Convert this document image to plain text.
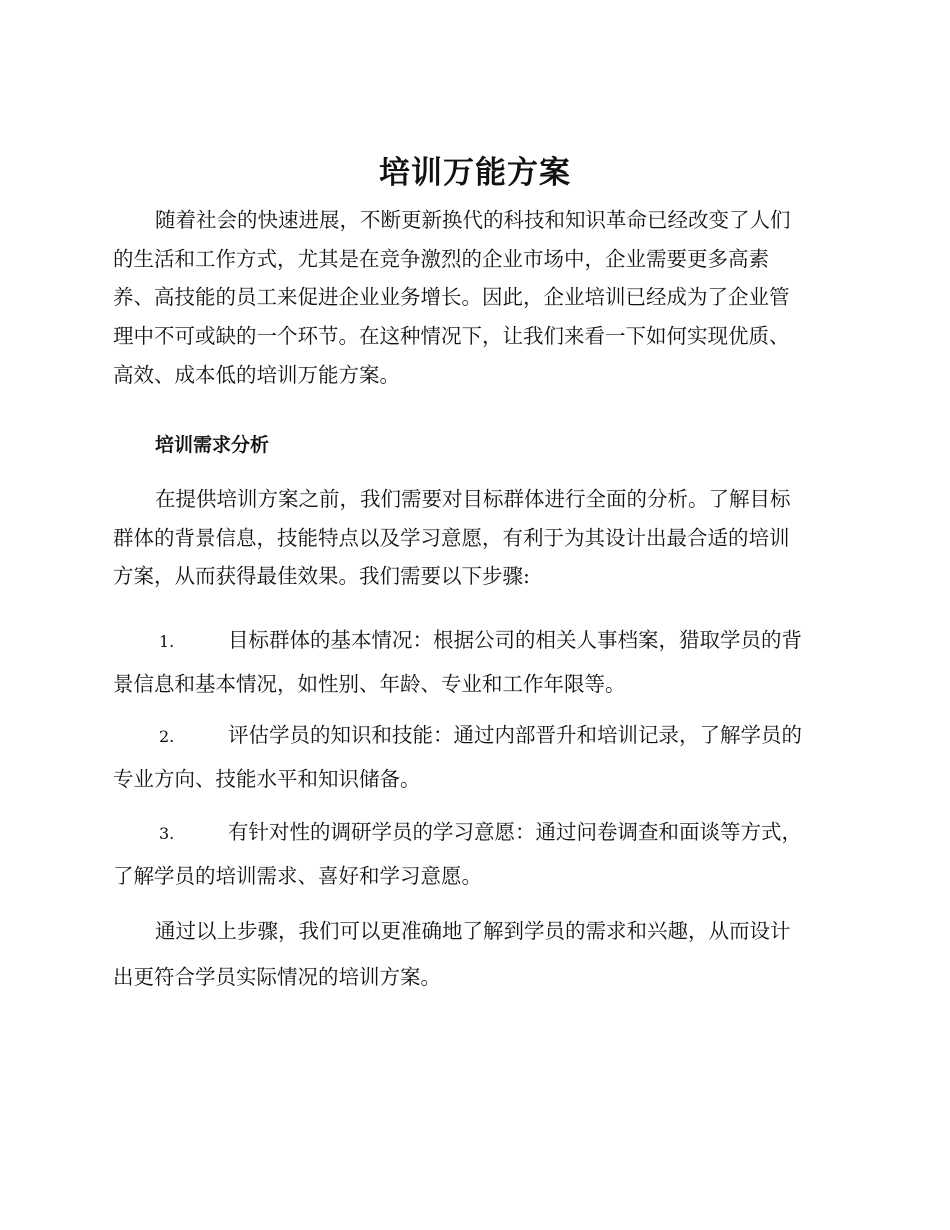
培训万能方案
随着社会的快速进展，不断更新换代的科技和知识革命已经改变了人们
的生活和工作方式，尤其是在竞争激烈的企业市场中，企业需要更多高素
养、高技能的员工来促进企业业务增长。因此，企业培训已经成为了企业管
理中不可或缺的一个环节。在这种情况下，让我们来看一下如何实现优质、
高效、成本低的培训万能方案。
培训需求分析
在提供培训方案之前，我们需要对目标群体进行全面的分析。了解目标
群体的背景信息，技能特点以及学习意愿，有利于为其设计出最合适的培训
方案，从而获得最佳效果。我们需要以下步骤:
1.	目标群体的基本情况：根据公司的相关人事档案，猎取学员的背
景信息和基本情况，如性别、年龄、专业和工作年限等。
2.	评估学员的知识和技能：通过内部晋升和培训记录，了解学员的
专业方向、技能水平和知识储备。
3.	有针对性的调研学员的学习意愿：通过问卷调查和面谈等方式，
了解学员的培训需求、喜好和学习意愿。
通过以上步骤，我们可以更准确地了解到学员的需求和兴趣，从而设计
出更符合学员实际情况的培训方案。
